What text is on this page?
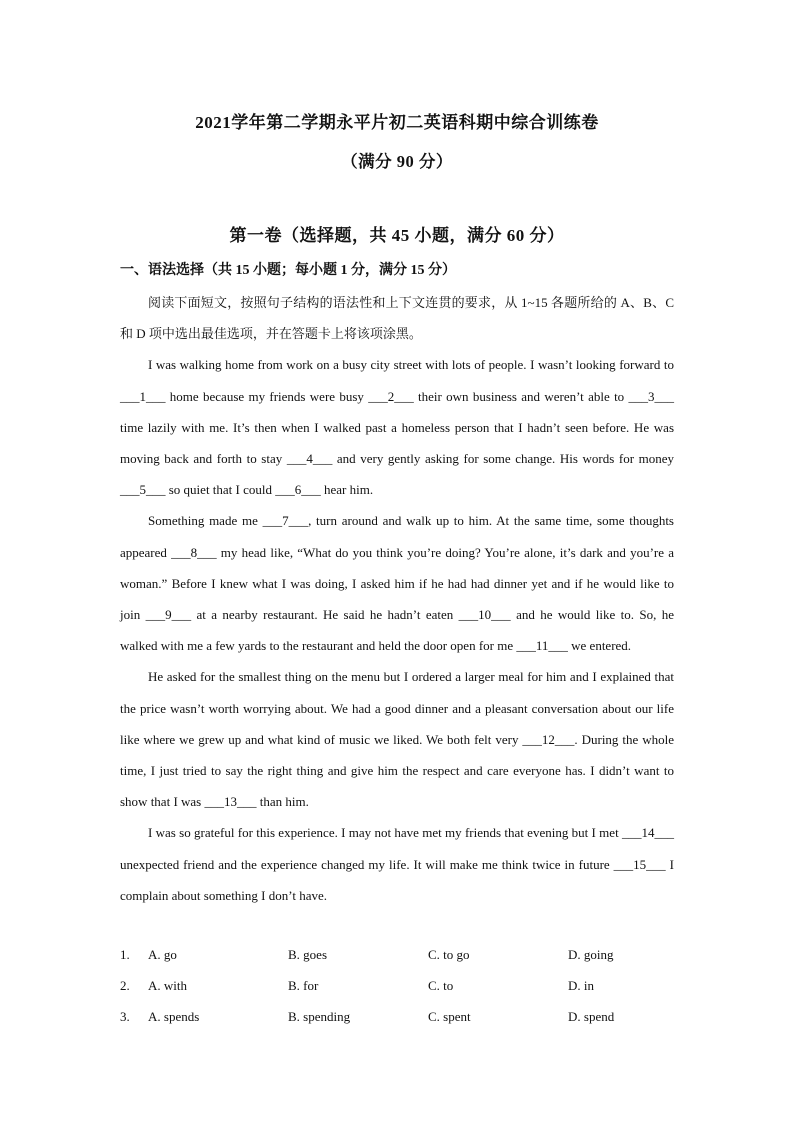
2021学年第二学期永平片初二英语科期中综合训练卷
（满分 90 分）
第一卷（选择题，共 45 小题，满分 60 分）
一、语法选择（共 15 小题；每小题 1 分，满分 15 分）

阅读下面短文，按照句子结构的语法性和上下文连贯的要求，从 1~15 各题所给的 A、B、C 和 D 项中选出最佳选项，并在答题卡上将该项涂黑。

I was walking home from work on a busy city street with lots of people. I wasn’t looking forward to ___1___ home because my friends were busy ___2___ their own business and weren’t able to ___3___ time lazily with me. It’s then when I walked past a homeless person that I hadn’t seen before. He was moving back and forth to stay ___4___ and very gently asking for some change. His words for money ___5___ so quiet that I could ___6___ hear him.

Something made me ___7___, turn around and walk up to him. At the same time, some thoughts appeared ___8___ my head like, “What do you think you’re doing? You’re alone, it’s dark and you’re a woman.” Before I knew what I was doing, I asked him if he had had dinner yet and if he would like to join ___9___ at a nearby restaurant. He said he hadn’t eaten ___10___ and he would like to. So, he walked with me a few yards to the restaurant and held the door open for me ___11___ we entered.

He asked for the smallest thing on the menu but I ordered a larger meal for him and I explained that the price wasn’t worth worrying about. We had a good dinner and a pleasant conversation about our life like where we grew up and what kind of music we liked. We both felt very ___12___. During the whole time, I just tried to say the right thing and give him the respect and care everyone has. I didn’t want to show that I was ___13___ than him.

I was so grateful for this experience. I may not have met my friends that evening but I met ___14___ unexpected friend and the experience changed my life. It will make me think twice in future ___15___ I complain about something I don’t have.

1. A. go	B. goes	C. to go	D. going
2. A. with	B. for	C. to	D. in
3. A. spends	B. spending	C. spent	D. spend
